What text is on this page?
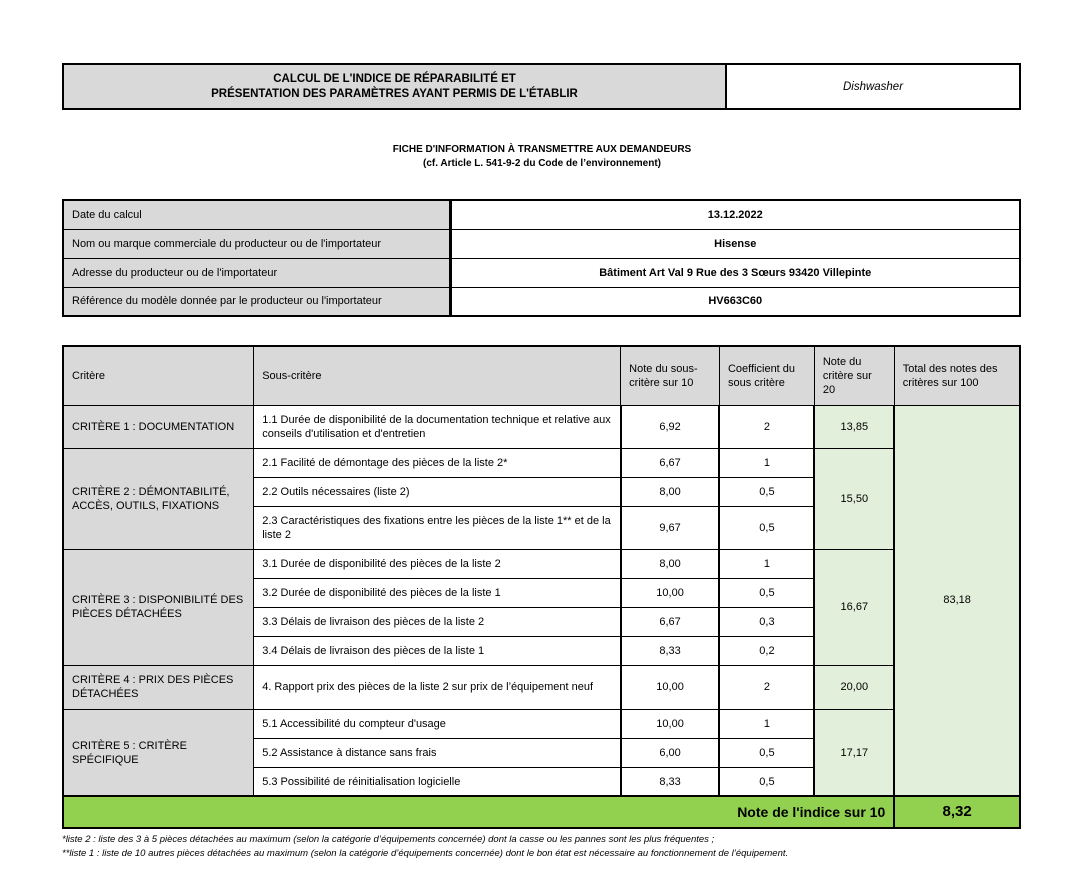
CALCUL DE L'INDICE DE RÉPARABILITÉ ET
PRÉSENTATION DES PARAMÈTRES AYANT PERMIS DE L'ÉTABLIR
Dishwasher
FICHE D'INFORMATION À TRANSMETTRE AUX DEMANDEURS
(cf. Article L. 541-9-2 du Code de l’environnement)
Date du calcul	13.12.2022
Nom ou marque commerciale du producteur ou de l'importateur	Hisense
Adresse du producteur ou de l'importateur	Bâtiment Art Val 9 Rue des 3 Sœurs 93420 Villepinte
Référence du modèle donnée par le producteur ou l'importateur	HV663C60
Critère	Sous-critère	Note du sous-critère sur 10	Coefficient du sous critère	Note du critère sur 20	Total des notes des critères sur 100
CRITÈRE 1 : DOCUMENTATION	1.1 Durée de disponibilité de la documentation technique et relative aux conseils d'utilisation et d'entretien	6,92	2	13,85	83,18
CRITÈRE 2 : DÉMONTABILITÉ, ACCÈS, OUTILS, FIXATIONS	2.1 Facilité de démontage des pièces de la liste 2*	6,67	1	15,50	
	2.2 Outils nécessaires (liste 2)	8,00	0,5		
	2.3 Caractéristiques des fixations entre les pièces de la liste 1** et de la liste 2	9,67	0,5		
CRITÈRE 3 : DISPONIBILITÉ DES PIÈCES DÉTACHÉES	3.1 Durée de disponibilité des pièces de la liste 2	8,00	1	16,67	
	3.2 Durée de disponibilité des pièces de la liste 1	10,00	0,5		
	3.3 Délais de livraison des pièces de la liste 2	6,67	0,3		
	3.4 Délais de livraison des pièces de la liste 1	8,33	0,2		
CRITÈRE 4 : PRIX DES PIÈCES DÉTACHÉES	4. Rapport prix des pièces de la liste 2 sur prix de l’équipement neuf	10,00	2	20,00	
CRITÈRE 5 : CRITÈRE SPÉCIFIQUE	5.1 Accessibilité du compteur d'usage	10,00	1	17,17	
	5.2 Assistance à distance sans frais	6,00	0,5		
	5.3 Possibilité de réinitialisation logicielle	8,33	0,5		

Note de l'indice sur 10					8,32
*liste 2 : liste des 3 à 5 pièces détachées au maximum (selon la catégorie d’équipements concernée) dont la casse ou les pannes sont les plus fréquentes ;
**liste 1 : liste de 10 autres pièces détachées au maximum (selon la catégorie d’équipements concernée) dont le bon état est nécessaire au fonctionnement de l’équipement.
